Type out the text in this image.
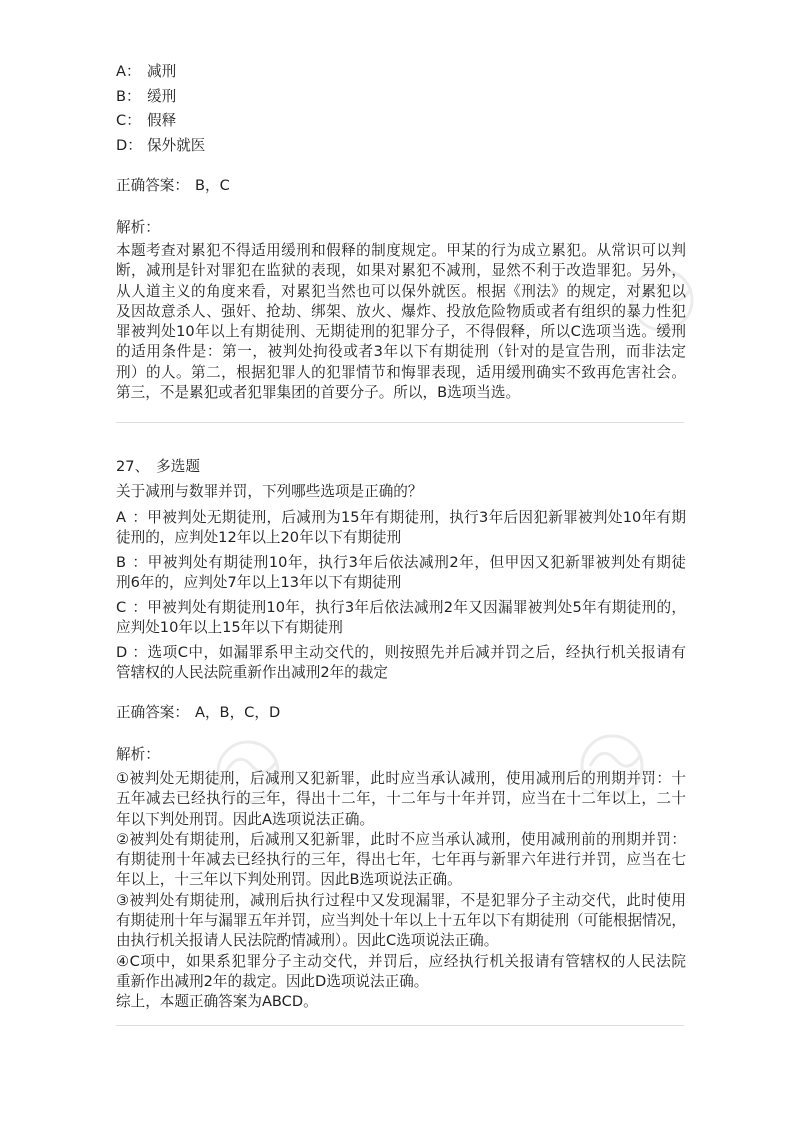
A： 减刑
B： 缓刑
C： 假释
D： 保外就医
正确答案： B，C
解析：
本题考查对累犯不得适用缓刑和假释的制度规定。甲某的行为成立累犯。从常识可以判
断，减刑是针对罪犯在监狱的表现，如果对累犯不减刑，显然不利于改造罪犯。另外，
从人道主义的角度来看，对累犯当然也可以保外就医。根据《刑法》的规定，对累犯以
及因故意杀人、强奸、抢劫、绑架、放火、爆炸、投放危险物质或者有组织的暴力性犯
罪被判处10年以上有期徒刑、无期徒刑的犯罪分子，不得假释，所以C选项当选。缓刑
的适用条件是：第一，被判处拘役或者3年以下有期徒刑（针对的是宣告刑，而非法定
刑）的人。第二，根据犯罪人的犯罪情节和悔罪表现，适用缓刑确实不致再危害社会。
第三，不是累犯或者犯罪集团的首要分子。所以，B选项当选。
27、 多选题
关于减刑与数罪并罚，下列哪些选项是正确的？
A：甲被判处无期徒刑，后减刑为15年有期徒刑，执行3年后因犯新罪被判处10年有期
徒刑的，应判处12年以上20年以下有期徒刑
B：甲被判处有期徒刑10年，执行3年后依法减刑2年，但甲因又犯新罪被判处有期徒
刑6年的，应判处7年以上13年以下有期徒刑
C：甲被判处有期徒刑10年，执行3年后依法减刑2年又因漏罪被判处5年有期徒刑的，
应判处10年以上15年以下有期徒刑
D：选项C中，如漏罪系甲主动交代的，则按照先并后减并罚之后，经执行机关报请有
管辖权的人民法院重新作出减刑2年的裁定
正确答案： A，B，C，D
解析：
①被判处无期徒刑，后减刑又犯新罪，此时应当承认减刑，使用减刑后的刑期并罚：十
五年减去已经执行的三年，得出十二年，十二年与十年并罚，应当在十二年以上，二十
年以下判处刑罚。因此A选项说法正确。
②被判处有期徒刑，后减刑又犯新罪，此时不应当承认减刑，使用减刑前的刑期并罚：
有期徒刑十年减去已经执行的三年，得出七年，七年再与新罪六年进行并罚，应当在七
年以上，十三年以下判处刑罚。因此B选项说法正确。
③被判处有期徒刑，减刑后执行过程中又发现漏罪，不是犯罪分子主动交代，此时使用
有期徒刑十年与漏罪五年并罚，应当判处十年以上十五年以下有期徒刑（可能根据情况，
由执行机关报请人民法院酌情减刑）。因此C选项说法正确。
④C项中，如果系犯罪分子主动交代，并罚后，应经执行机关报请有管辖权的人民法院
重新作出减刑2年的裁定。因此D选项说法正确。
综上，本题正确答案为ABCD。
